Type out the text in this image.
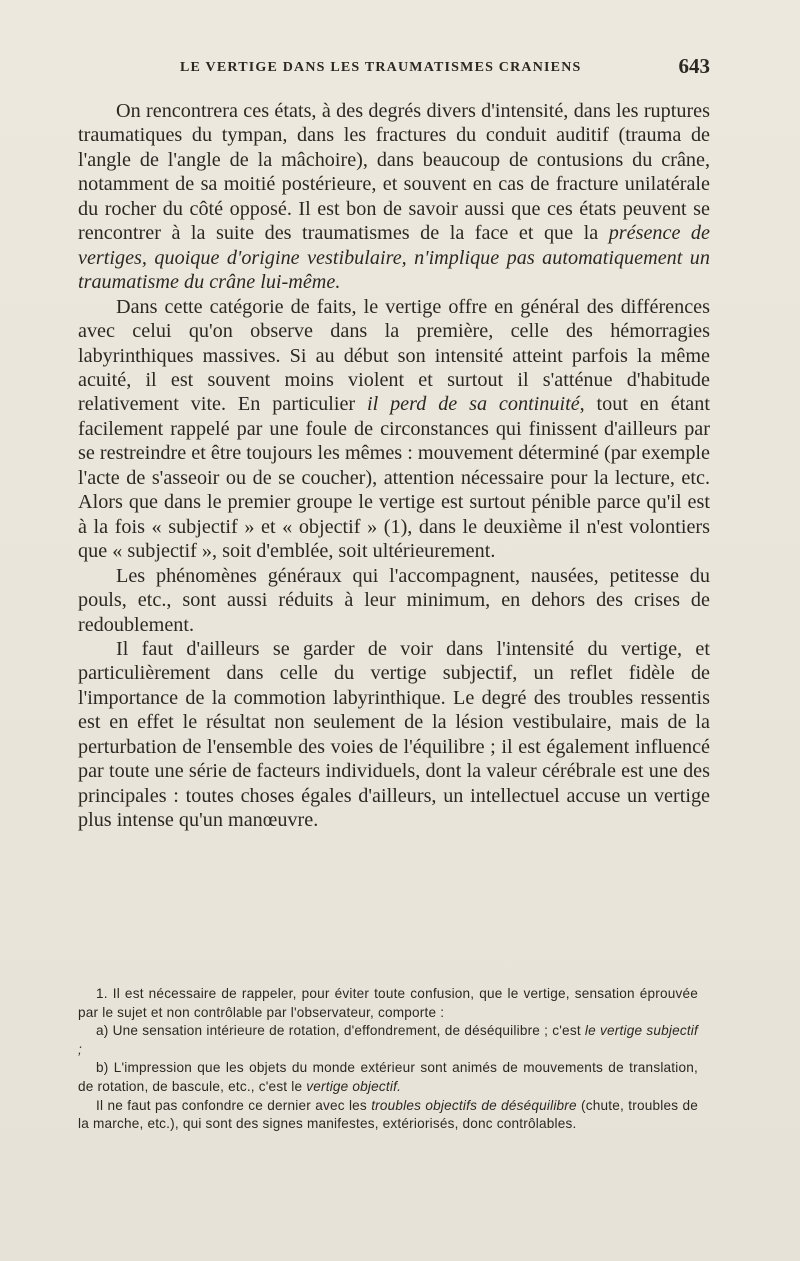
LE VERTIGE DANS LES TRAUMATISMES CRANIENS	643

On rencontrera ces états, à des degrés divers d'intensité, dans les ruptures traumatiques du tympan, dans les fractures du conduit auditif (trauma de l'angle de l'angle de la mâchoire), dans beaucoup de contusions du crâne, notamment de sa moitié postérieure, et souvent en cas de fracture unilatérale du rocher du côté opposé. Il est bon de savoir aussi que ces états peuvent se rencontrer à la suite des traumatismes de la face et que la présence de vertiges, quoique d'origine vestibulaire, n'implique pas automatiquement un traumatisme du crâne lui-même.

Dans cette catégorie de faits, le vertige offre en général des différences avec celui qu'on observe dans la première, celle des hémorragies labyrinthiques massives. Si au début son intensité atteint parfois la même acuité, il est souvent moins violent et surtout il s'atténue d'habitude relativement vite. En particulier il perd de sa continuité, tout en étant facilement rappelé par une foule de circonstances qui finissent d'ailleurs par se restreindre et être toujours les mêmes : mouvement déterminé (par exemple l'acte de s'asseoir ou de se coucher), attention nécessaire pour la lecture, etc. Alors que dans le premier groupe le vertige est surtout pénible parce qu'il est à la fois « subjectif » et « objectif » (1), dans le deuxième il n'est volontiers que « subjectif », soit d'emblée, soit ultérieurement.

Les phénomènes généraux qui l'accompagnent, nausées, petitesse du pouls, etc., sont aussi réduits à leur minimum, en dehors des crises de redoublement.

Il faut d'ailleurs se garder de voir dans l'intensité du vertige, et particulièrement dans celle du vertige subjectif, un reflet fidèle de l'importance de la commotion labyrinthique. Le degré des troubles ressentis est en effet le résultat non seulement de la lésion vestibulaire, mais de la perturbation de l'ensemble des voies de l'équilibre ; il est également influencé par toute une série de facteurs individuels, dont la valeur cérébrale est une des principales : toutes choses égales d'ailleurs, un intellectuel accuse un vertige plus intense qu'un manœuvre.

1. Il est nécessaire de rappeler, pour éviter toute confusion, que le vertige, sensation éprouvée par le sujet et non contrôlable par l'observateur, comporte :

a) Une sensation intérieure de rotation, d'effondrement, de déséquilibre ; c'est le vertige subjectif ;

b) L'impression que les objets du monde extérieur sont animés de mouvements de translation, de rotation, de bascule, etc., c'est le vertige objectif.

Il ne faut pas confondre ce dernier avec les troubles objectifs de déséquilibre (chute, troubles de la marche, etc.), qui sont des signes manifestes, extériorisés, donc contrôlables.
